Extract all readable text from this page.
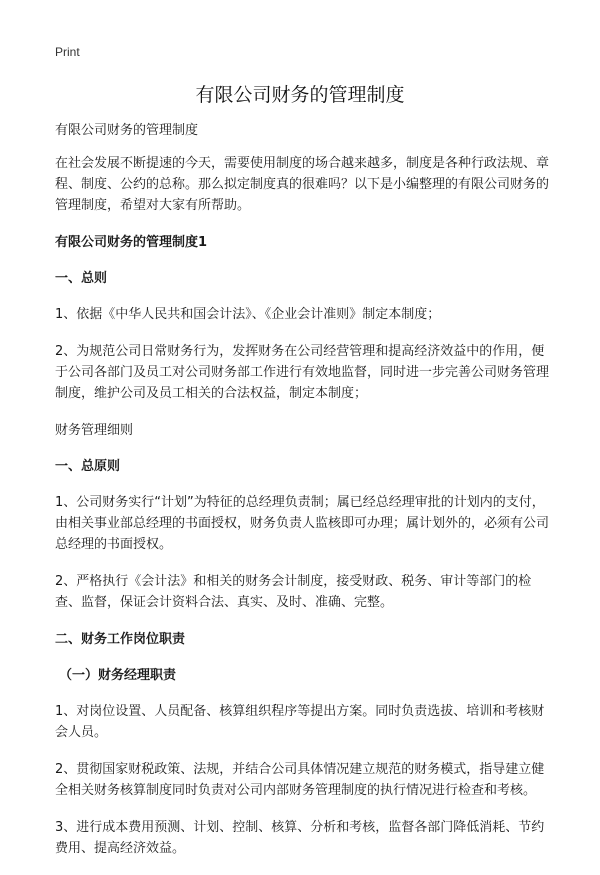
Print
有限公司财务的管理制度

有限公司财务的管理制度

在社会发展不断提速的今天，需要使用制度的场合越来越多，制度是各种行政法规、章程、制度、公约的总称。那么拟定制度真的很难吗？以下是小编整理的有限公司财务的管理制度，希望对大家有所帮助。

有限公司财务的管理制度1

一、总则

1、依据《中华人民共和国会计法》、《企业会计准则》制定本制度；

2、为规范公司日常财务行为，发挥财务在公司经营管理和提高经济效益中的作用，便于公司各部门及员工对公司财务部工作进行有效地监督，同时进一步完善公司财务管理制度，维护公司及员工相关的合法权益，制定本制度；

财务管理细则

一、总原则

1、公司财务实行“计划”为特征的总经理负责制；属已经总经理审批的计划内的支付，由相关事业部总经理的书面授权，财务负责人监核即可办理；属计划外的，必须有公司总经理的书面授权。

2、严格执行《会计法》和相关的财务会计制度，接受财政、税务、审计等部门的检查、监督，保证会计资料合法、真实、及时、准确、完整。

二、财务工作岗位职责

（一）财务经理职责

1、对岗位设置、人员配备、核算组织程序等提出方案。同时负责选拔、培训和考核财会人员。

2、贯彻国家财税政策、法规，并结合公司具体情况建立规范的财务模式，指导建立健全相关财务核算制度同时负责对公司内部财务管理制度的执行情况进行检查和考核。

3、进行成本费用预测、计划、控制、核算、分析和考核，监督各部门降低消耗、节约费用、提高经济效益。
